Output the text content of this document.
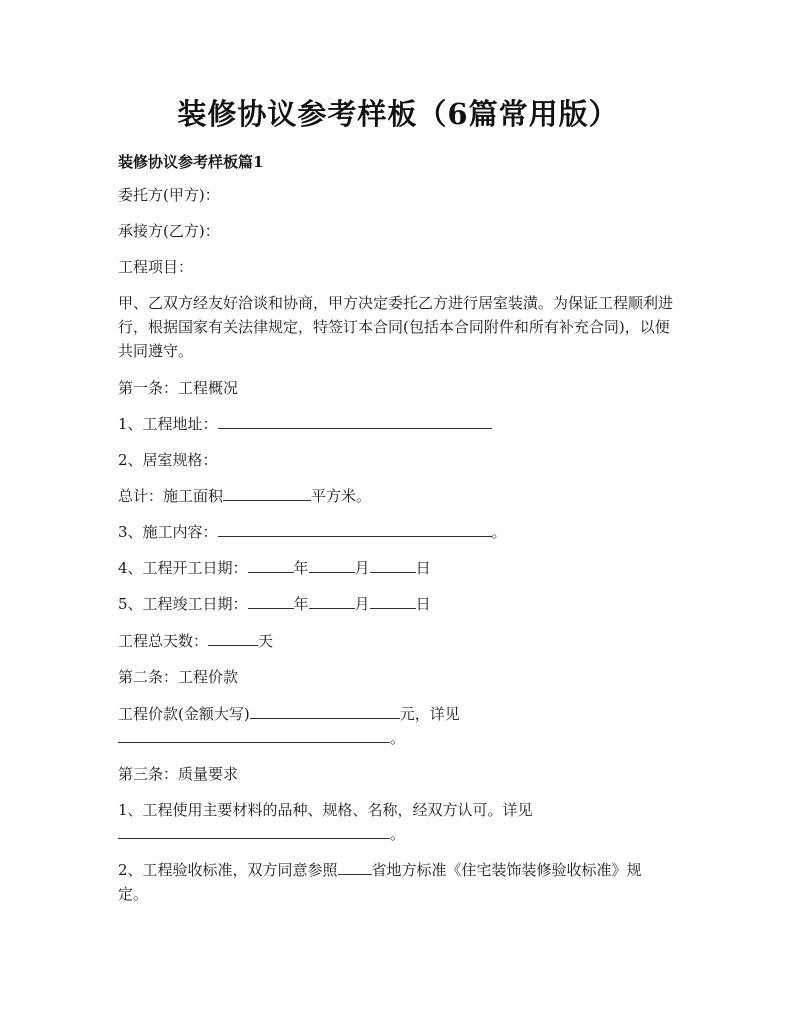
装修协议参考样板（6篇常用版）
装修协议参考样板篇1
委托方(甲方)：
承接方(乙方)：
工程项目：
甲、乙双方经友好洽谈和协商，甲方决定委托乙方进行居室装潢。为保证工程顺利进行，根据国家有关法律规定，特签订本合同(包括本合同附件和所有补充合同)，以便共同遵守。
第一条：工程概况
1、工程地址：
2、居室规格：
总计：施工面积	平方米。
3、施工内容：	。
4、工程开工日期：	年	月	日
5、工程竣工日期：	年	月	日
工程总天数：	天
第二条：工程价款
工程价款(金额大写)	元，详见
。
第三条：质量要求
1、工程使用主要材料的品种、规格、名称，经双方认可。详见
。
2、工程验收标准，双方同意参照 省地方标准《住宅装饰装修验收标准》规
定。
